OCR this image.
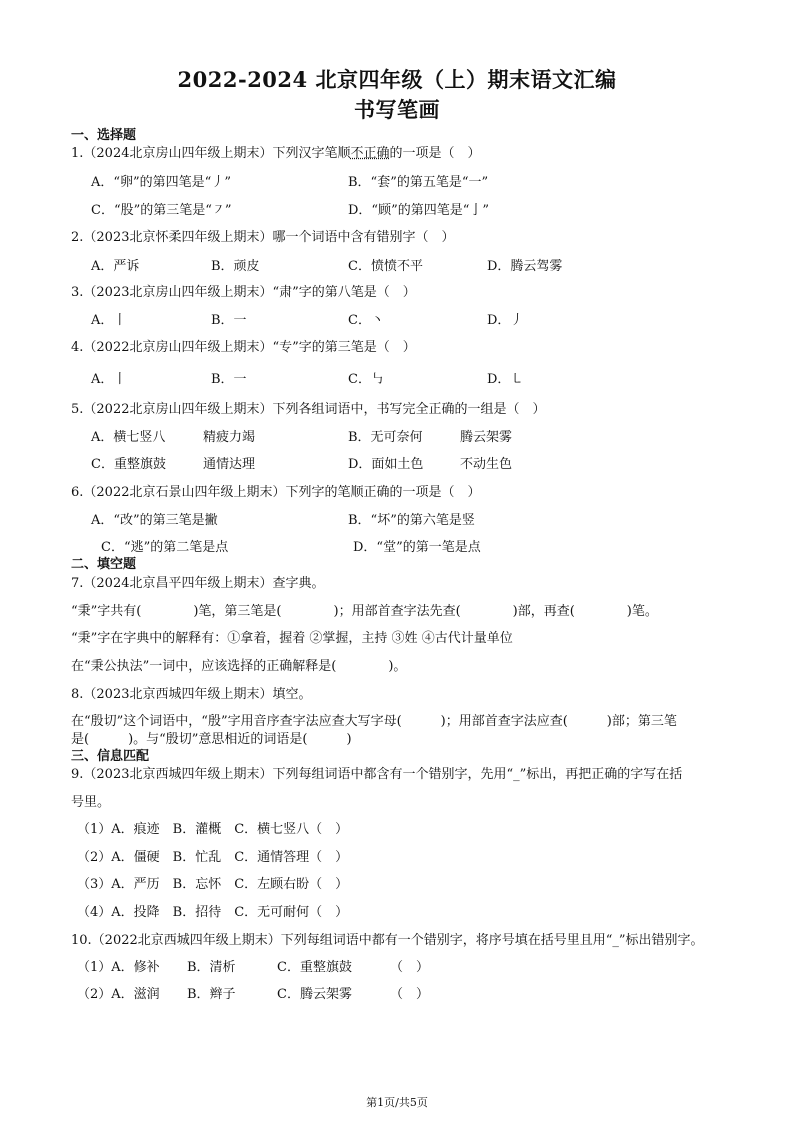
2022-2024 北京四年级（上）期末语文汇编
书写笔画
一、选择题
1.（2024北京房山四年级上期末）下列汉字笔顺不正确的一项是（　）
A．“卵”的第四笔是“丿”	B．“套”的第五笔是“一”
C．“股”的第三笔是“㇇”	D．“顾”的第四笔是“亅”
2.（2023北京怀柔四年级上期末）哪一个词语中含有错别字（　）
A．严诉	B．顽皮	C．愤愤不平	D．腾云驾雾
3.（2023北京房山四年级上期末）“肃”字的第八笔是（　）
A．丨	B．一	C．丶	D．丿
4.（2022北京房山四年级上期末）“专”字的第三笔是（　）
A．丨	B．一	C．㇉	D．㇄
5.（2022北京房山四年级上期末）下列各组词语中，书写完全正确的一组是（　）
A．横七竖八	精疲力竭	B．无可奈何	腾云架雾
C．重整旗鼓	通情达理	D．面如土色	不动生色
6.（2022北京石景山四年级上期末）下列字的笔顺正确的一项是（　）
A．“改”的第三笔是撇	B．“坏”的第六笔是竖
C．“逃”的第二笔是点	D．“堂”的第一笔是点
二、填空题
7.（2024北京昌平四年级上期末）查字典。
“秉”字共有(　　　　)笔，第三笔是(　　　　)；用部首查字法先查(　　　　)部，再查(　　　　)笔。
“秉”字在字典中的解释有：①拿着，握着 ②掌握，主持 ③姓 ④古代计量单位
在“秉公执法”一词中，应该选择的正确解释是(　　　　)。
8.（2023北京西城四年级上期末）填空。
在“殷切”这个词语中，“殷”字用音序查字法应查大写字母(　　　)；用部首查字法应查(　　　)部；第三笔
是(　　　)。与“殷切”意思相近的词语是(　　　)
三、信息匹配
9.（2023北京西城四年级上期末）下列每组词语中都含有一个错别字，先用“_”标出，再把正确的字写在括
号里。
（1）A．痕迹　B．灌概　C．横七竖八（　）
（2）A．僵硬　B．忙乱　C．通情答理（　）
（3）A．严历　B．忘怀　C．左顾右盼（　）
（4）A．投降　B．招待　C．无可耐何（　）
10.（2022北京西城四年级上期末）下列每组词语中都有一个错别字，将序号填在括号里且用“_”标出错别字。
（1）A．修补 B．清析	C．重整旗鼓	（　）
（2）A．滋润 B．辫子	C．腾云架雾	（　）
第1页/共5页
